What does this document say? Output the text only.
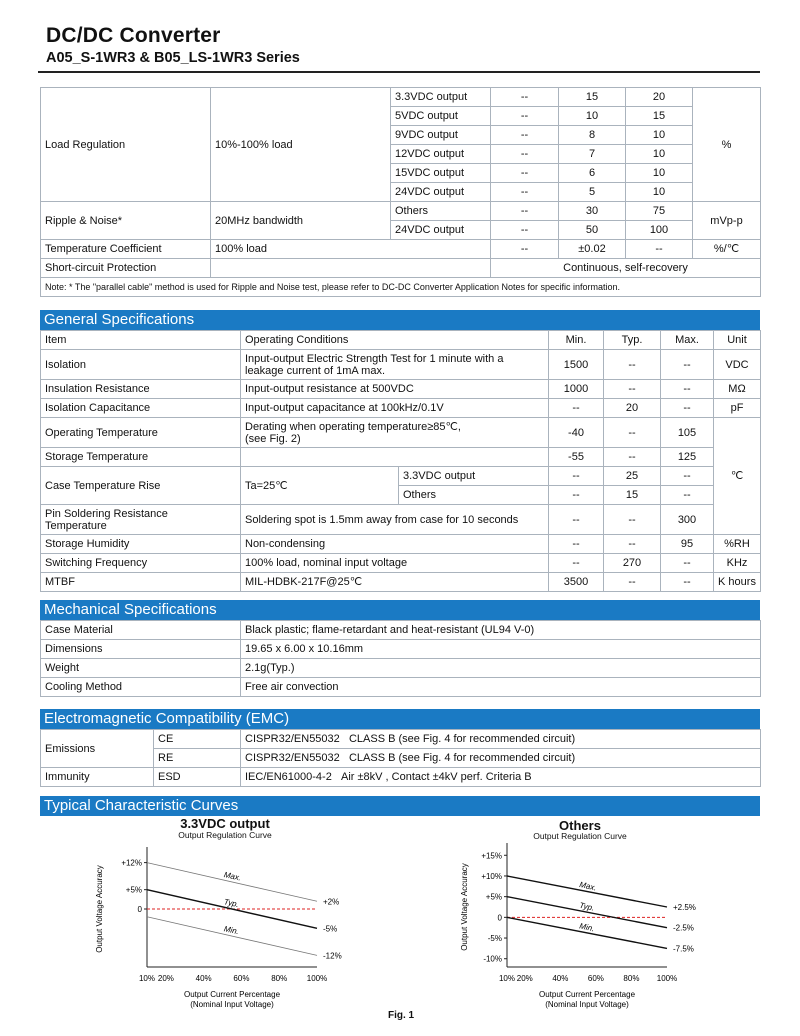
DC/DC Converter
A05_S-1WR3 & B05_LS-1WR3 Series
Load Regulation	10%-100% load	3.3VDC output	--	15	20	%
		5VDC output	--	10	15	
		9VDC output	--	8	10	
		12VDC output	--	7	10	
		15VDC output	--	6	10	
		24VDC output	--	5	10	
Ripple & Noise*	20MHz bandwidth	Others	--	30	75	mVp-p
		24VDC output	--	50	100	
Temperature Coefficient	100% load		--	±0.02	--	%/℃
Short-circuit Protection			Continuous, self-recovery			
Note: * The "parallel cable" method is used for Ripple and Noise test, please refer to DC-DC Converter Application Notes for specific information.						
General Specifications
Item	Operating Conditions		Min.	Typ.	Max.	Unit
Isolation	Input-output Electric Strength Test for 1 minute with a
leakage current of 1mA max.		1500	--	--	VDC
Insulation Resistance	Input-output resistance at 500VDC		1000	--	--	MΩ
Isolation Capacitance	Input-output capacitance at 100kHz/0.1V		--	20	--	pF
Operating Temperature	Derating when operating temperature≥85℃,
(see Fig. 2)		-40	--	105	℃
Storage Temperature			-55	--	125	
Case Temperature Rise	Ta=25℃	3.3VDC output	--	25	--	
		Others	--	15	--	

Pin Soldering Resistance
Temperature	Soldering spot is 1.5mm away from case for 10 seconds		--	--	300	
Storage Humidity	Non-condensing		--	--	95	%RH
Switching Frequency	100% load, nominal input voltage		--	270	--	KHz
MTBF	MIL-HDBK-217F@25℃		3500	--	--	K hours
Mechanical Specifications
Case Material	Black plastic; flame-retardant and heat-resistant (UL94 V-0)
Dimensions	19.65 x 6.00 x 10.16mm
Weight	2.1g(Typ.)
Cooling Method	Free air convection
Electromagnetic Compatibility (EMC)
Emissions	CE	CISPR32/EN55032 CLASS B (see Fig. 4 for recommended circuit)
	RE	CISPR32/EN55032 CLASS B (see Fig. 4 for recommended circuit)
Immunity	ESD	IEC/EN61000-4-2 Air ±8kV , Contact ±4kV perf. Criteria B
Typical Characteristic Curves
3.3VDC output
Output Regulation Curve
Others
Output Regulation Curve
+12%
+5%
0
10% 20%	40%	60%	80% 100%
Max.
Typ.
Min.
+2%
-5%
-12%
Output Voltage Accuracy
Output Current Percentage
(Nominal Input Voltage)
+15%
+10%
+5%
0
-5%
-10%
10% 20% 40% 60% 80% 100%
Max.
Typ.
Min.
+2.5%
-2.5%
-7.5%
Output Voltage Accuracy
Output Current Percentage
(Nominal Input Voltage)
Fig. 1
